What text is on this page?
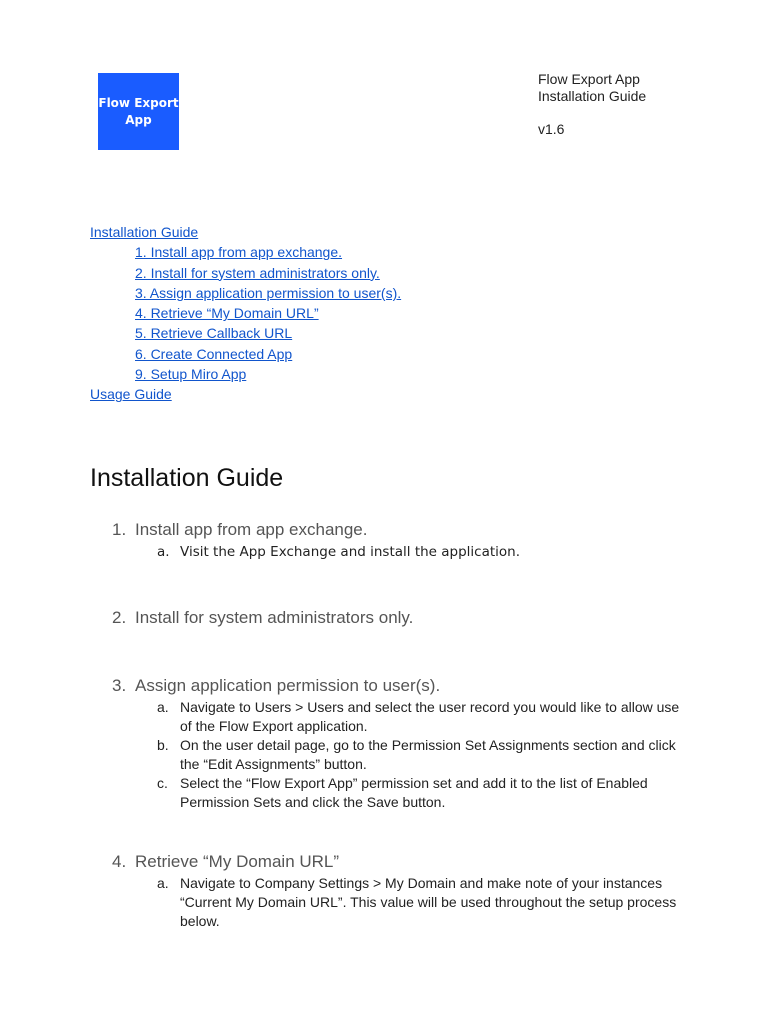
Flow Export
App
Flow Export App
Installation Guide
v1.6
Installation Guide
1. Install app from app exchange.
2. Install for system administrators only.
3. Assign application permission to user(s).
4. Retrieve “My Domain URL”
5. Retrieve Callback URL
6. Create Connected App
9. Setup Miro App
Usage Guide
Installation Guide
1. Install app from app exchange.
a. Visit the App Exchange and install the application.
2. Install for system administrators only.
3. Assign application permission to user(s).
a. Navigate to Users > Users and select the user record you would like to allow use of the Flow Export application.
b. On the user detail page, go to the Permission Set Assignments section and click the “Edit Assignments” button.
c. Select the “Flow Export App” permission set and add it to the list of Enabled Permission Sets and click the Save button.
4. Retrieve “My Domain URL”
a. Navigate to Company Settings > My Domain and make note of your instances “Current My Domain URL”. This value will be used throughout the setup process below.
